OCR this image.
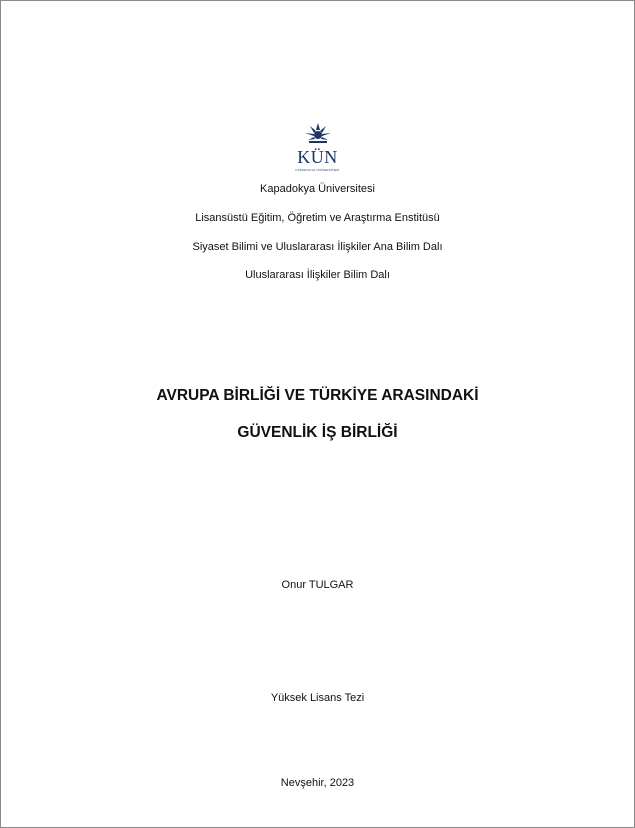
KÜN
KAPADOKYA ÜNİVERSİTESİ
Kapadokya Üniversitesi
Lisansüstü Eğitim, Öğretim ve Araştırma Enstitüsü
Siyaset Bilimi ve Uluslararası İlişkiler Ana Bilim Dalı
Uluslararası İlişkiler Bilim Dalı
AVRUPA BİRLİĞİ VE TÜRKİYE ARASINDAKİ
GÜVENLİK İŞ BİRLİĞİ
Onur TULGAR
Yüksek Lisans Tezi
Nevşehir, 2023
